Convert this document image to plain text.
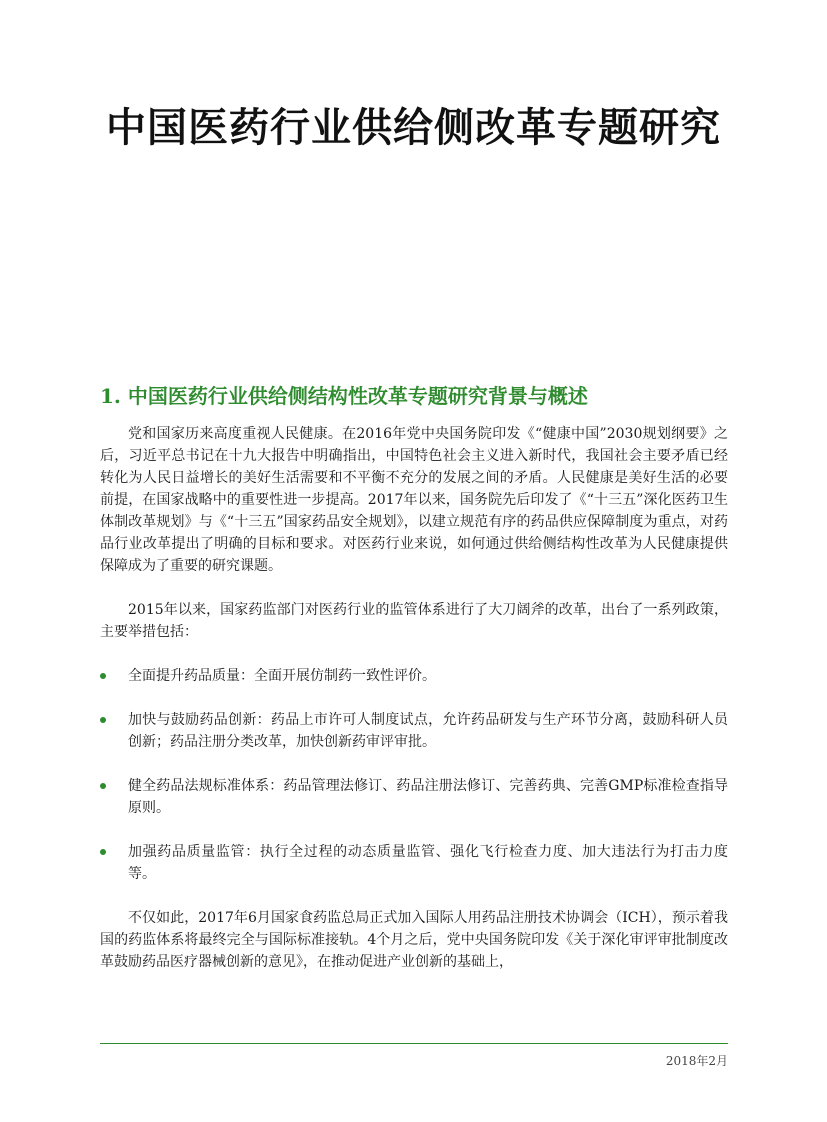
中国医药行业供给侧改革专题研究
1. 中国医药行业供给侧结构性改革专题研究背景与概述

党和国家历来高度重视人民健康。在2016年党中央国务院印发《“健康中国”2030规划纲要》之后，习近平总书记在十九大报告中明确指出，中国特色社会主义进入新时代，我国社会主要矛盾已经转化为人民日益增长的美好生活需要和不平衡不充分的发展之间的矛盾。人民健康是美好生活的必要前提，在国家战略中的重要性进一步提高。2017年以来，国务院先后印发了《“十三五”深化医药卫生体制改革规划》与《“十三五”国家药品安全规划》，以建立规范有序的药品供应保障制度为重点，对药品行业改革提出了明确的目标和要求。对医药行业来说，如何通过供给侧结构性改革为人民健康提供保障成为了重要的研究课题。

2015年以来，国家药监部门对医药行业的监管体系进行了大刀阔斧的改革，出台了一系列政策，主要举措包括：

全面提升药品质量：全面开展仿制药一致性评价。
加快与鼓励药品创新：药品上市许可人制度试点，允许药品研发与生产环节分离，鼓励科研人员创新；药品注册分类改革，加快创新药审评审批。
健全药品法规标准体系：药品管理法修订、药品注册法修订、完善药典、完善GMP标准检查指导原则。
加强药品质量监管：执行全过程的动态质量监管、强化飞行检查力度、加大违法行为打击力度等。

不仅如此，2017年6月国家食药监总局正式加入国际人用药品注册技术协调会（ICH），预示着我国的药监体系将最终完全与国际标准接轨。4个月之后，党中央国务院印发《关于深化审评审批制度改革鼓励药品医疗器械创新的意见》，在推动促进产业创新的基础上，

2018年2月
